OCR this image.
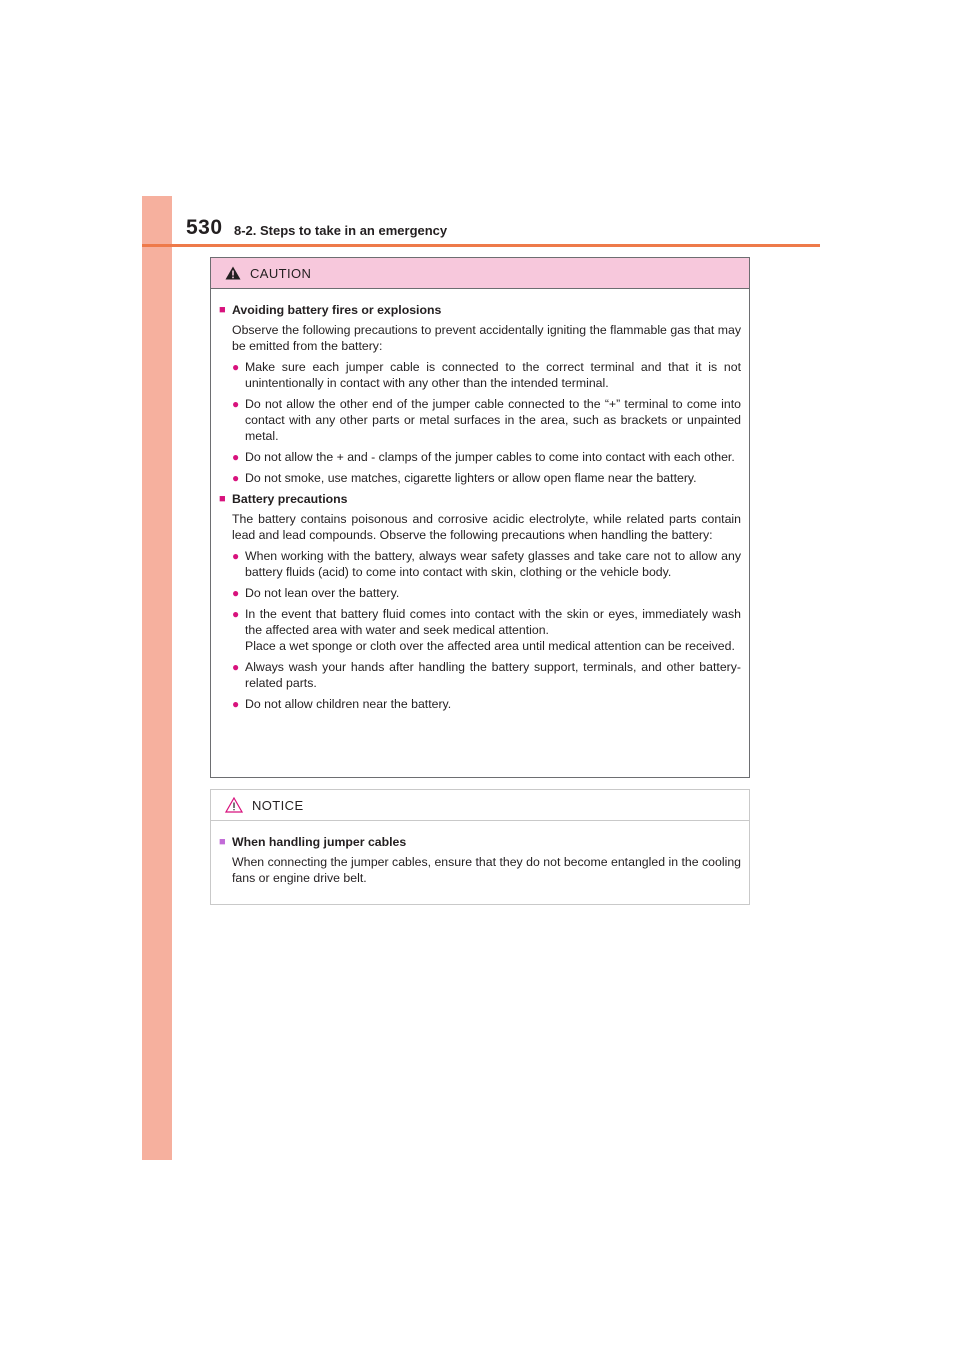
530 8-2. Steps to take in an emergency
CAUTION
■ Avoiding battery fires or explosions
Observe the following precautions to prevent accidentally igniting the flammable gas that may be emitted from the battery:
● Make sure each jumper cable is connected to the correct terminal and that it is not unintentionally in contact with any other than the intended terminal.
● Do not allow the other end of the jumper cable connected to the “+” terminal to come into contact with any other parts or metal surfaces in the area, such as brackets or unpainted metal.
● Do not allow the + and - clamps of the jumper cables to come into contact with each other.
● Do not smoke, use matches, cigarette lighters or allow open flame near the battery.
■ Battery precautions
The battery contains poisonous and corrosive acidic electrolyte, while related parts contain lead and lead compounds. Observe the following precautions when handling the battery:
● When working with the battery, always wear safety glasses and take care not to allow any battery fluids (acid) to come into contact with skin, clothing or the vehicle body.
● Do not lean over the battery.
● In the event that battery fluid comes into contact with the skin or eyes, immediately wash the affected area with water and seek medical attention.
Place a wet sponge or cloth over the affected area until medical attention can be received.
● Always wash your hands after handling the battery support, terminals, and other battery-related parts.
● Do not allow children near the battery.
NOTICE
■ When handling jumper cables
When connecting the jumper cables, ensure that they do not become entangled in the cooling fans or engine drive belt.
